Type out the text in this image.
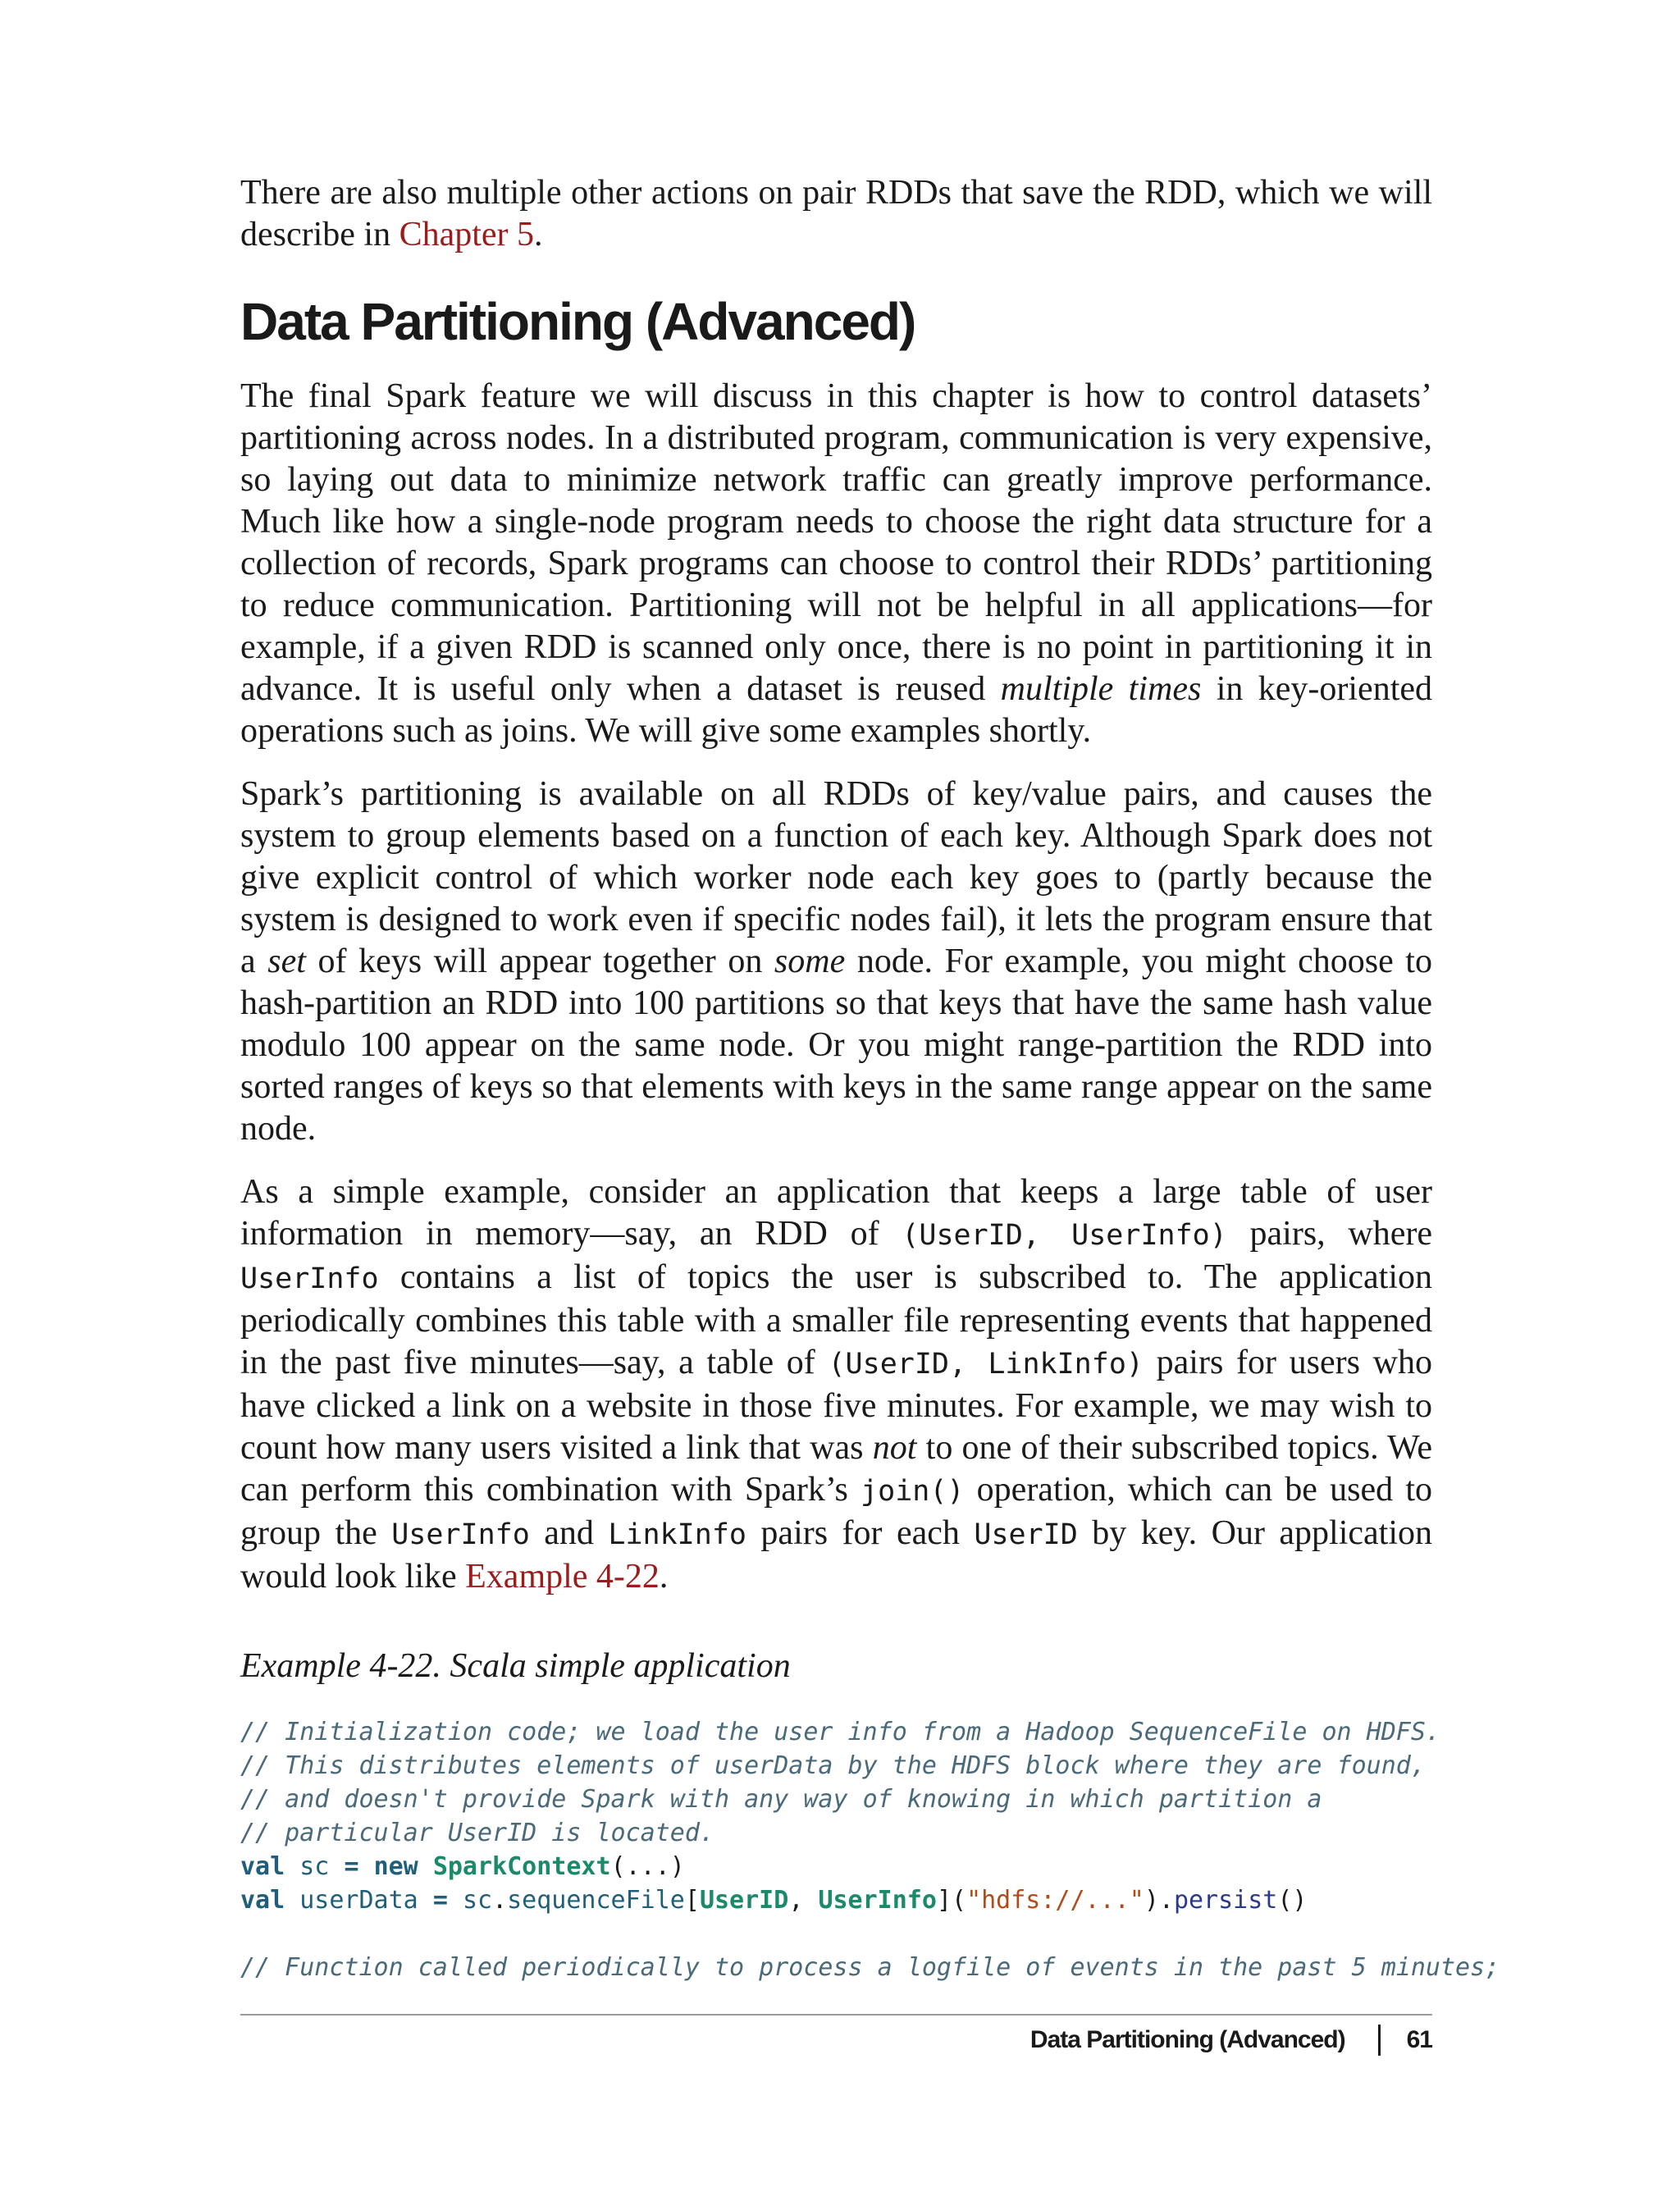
There are also multiple other actions on pair RDDs that save the RDD, which we will describe in Chapter 5.

Data Partitioning (Advanced)

The final Spark feature we will discuss in this chapter is how to control datasets’ partitioning across nodes. In a distributed program, communication is very expensive, so laying out data to minimize network traffic can greatly improve performance. Much like how a single-node program needs to choose the right data structure for a collection of records, Spark programs can choose to control their RDDs’ partitioning to reduce communication. Partitioning will not be helpful in all applications—for example, if a given RDD is scanned only once, there is no point in partitioning it in advance. It is useful only when a dataset is reused multiple times in key-oriented operations such as joins. We will give some examples shortly.

Spark’s partitioning is available on all RDDs of key/value pairs, and causes the system to group elements based on a function of each key. Although Spark does not give explicit control of which worker node each key goes to (partly because the system is designed to work even if specific nodes fail), it lets the program ensure that a set of keys will appear together on some node. For example, you might choose to hash-partition an RDD into 100 partitions so that keys that have the same hash value modulo 100 appear on the same node. Or you might range-partition the RDD into sorted ranges of keys so that elements with keys in the same range appear on the same node.

As a simple example, consider an application that keeps a large table of user information in memory—say, an RDD of (UserID, UserInfo) pairs, where UserInfo contains a list of topics the user is subscribed to. The application periodically combines this table with a smaller file representing events that happened in the past five minutes—say, a table of (UserID, LinkInfo) pairs for users who have clicked a link on a website in those five minutes. For example, we may wish to count how many users visited a link that was not to one of their subscribed topics. We can perform this combination with Spark’s join() operation, which can be used to group the UserInfo and LinkInfo pairs for each UserID by key. Our application would look like Example 4-22.

Example 4-22. Scala simple application
// Initialization code; we load the user info from a Hadoop SequenceFile on HDFS.
// This distributes elements of userData by the HDFS block where they are found,
// and doesn't provide Spark with any way of knowing in which partition a
// particular UserID is located.
val sc = new SparkContext(...)
val userData = sc.sequenceFile[UserID, UserInfo]("hdfs://...").persist()

// Function called periodically to process a logfile of events in the past 5 minutes;
Data Partitioning (Advanced)	61
